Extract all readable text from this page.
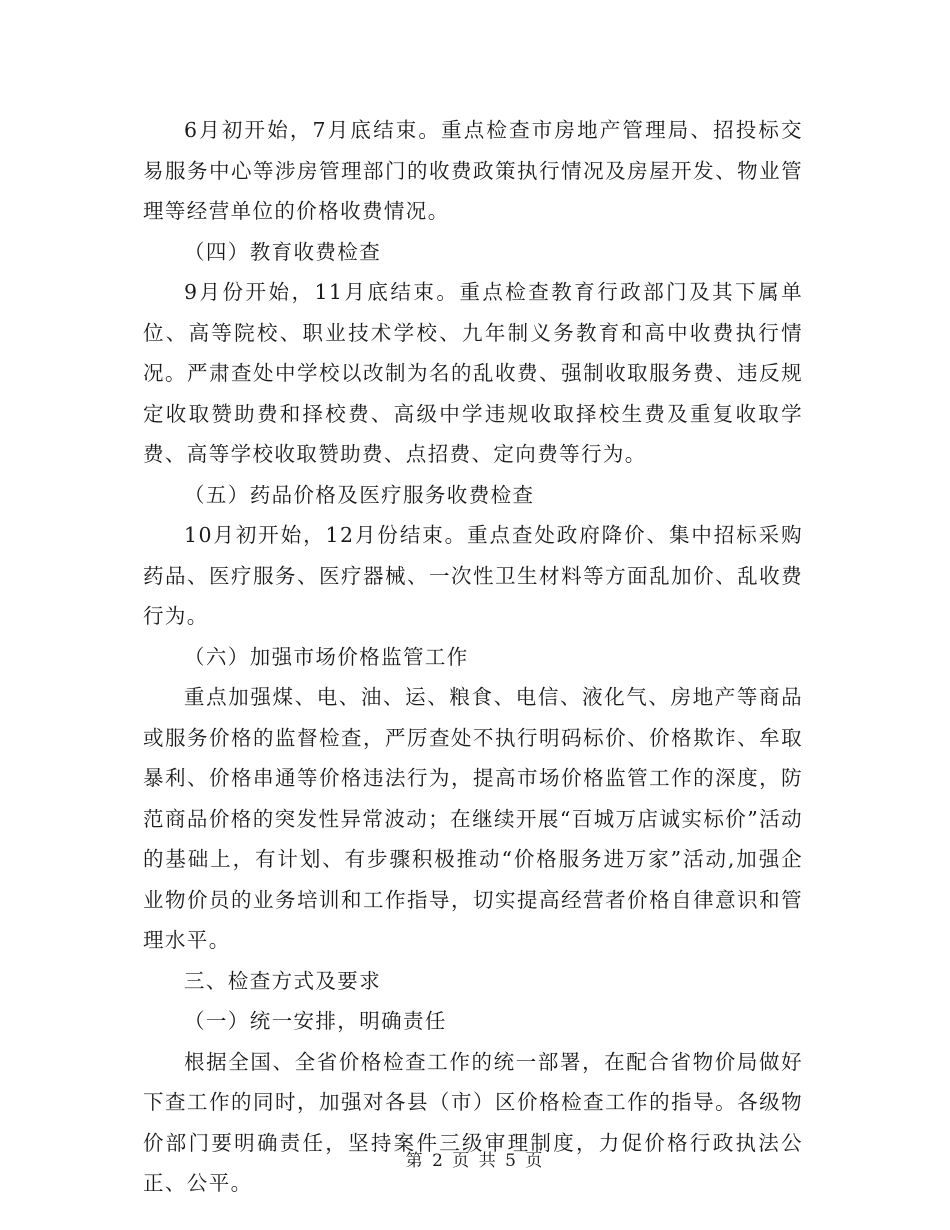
6月初开始，7月底结束。重点检查市房地产管理局、招投标交易服务中心等涉房管理部门的收费政策执行情况及房屋开发、物业管理等经营单位的价格收费情况。

（四）教育收费检查

9月份开始，11月底结束。重点检查教育行政部门及其下属单位、高等院校、职业技术学校、九年制义务教育和高中收费执行情况。严肃查处中学校以改制为名的乱收费、强制收取服务费、违反规定收取赞助费和择校费、高级中学违规收取择校生费及重复收取学费、高等学校收取赞助费、点招费、定向费等行为。

（五）药品价格及医疗服务收费检查

10月初开始，12月份结束。重点查处政府降价、集中招标采购药品、医疗服务、医疗器械、一次性卫生材料等方面乱加价、乱收费行为。

（六）加强市场价格监管工作

重点加强煤、电、油、运、粮食、电信、液化气、房地产等商品或服务价格的监督检查，严厉查处不执行明码标价、价格欺诈、牟取暴利、价格串通等价格违法行为，提高市场价格监管工作的深度，防范商品价格的突发性异常波动；在继续开展“百城万店诚实标价”活动的基础上，有计划、有步骤积极推动“价格服务进万家”活动,加强企业物价员的业务培训和工作指导，切实提高经营者价格自律意识和管理水平。

三、检查方式及要求

（一）统一安排，明确责任

根据全国、全省价格检查工作的统一部署，在配合省物价局做好下查工作的同时，加强对各县（市）区价格检查工作的指导。各级物价部门要明确责任，坚持案件三级审理制度，力促价格行政执法公正、公平。

第 2 页 共 5 页
